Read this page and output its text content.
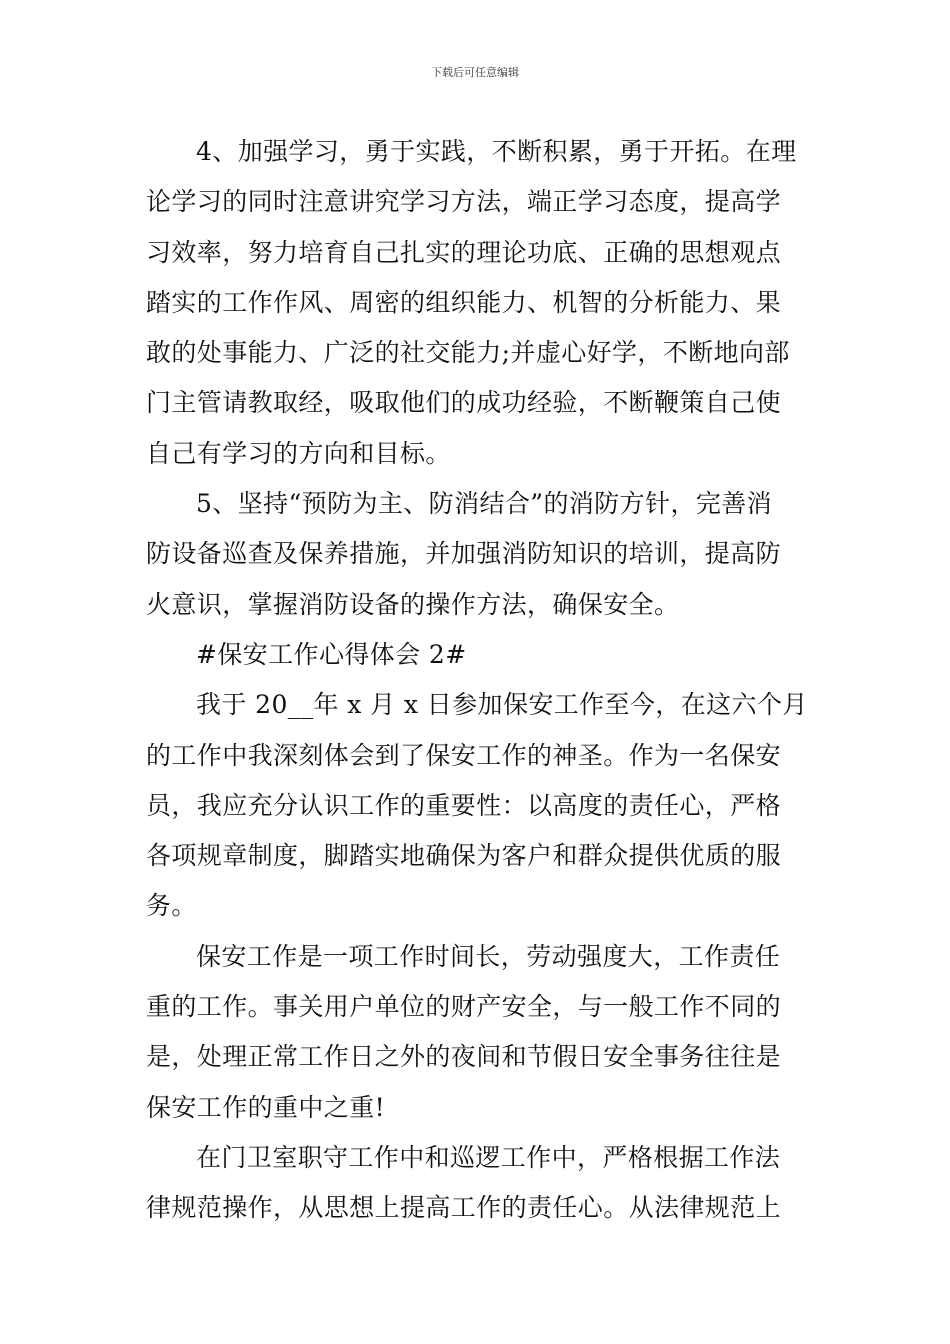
下载后可任意编辑
4、加强学习，勇于实践，不断积累，勇于开拓。在理
论学习的同时注意讲究学习方法，端正学习态度，提高学
习效率，努力培育自己扎实的理论功底、正确的思想观点
踏实的工作作风、周密的组织能力、机智的分析能力、果
敢的处事能力、广泛的社交能力;并虚心好学，不断地向部
门主管请教取经，吸取他们的成功经验，不断鞭策自己使
自己有学习的方向和目标。
5、坚持“预防为主、防消结合”的消防方针，完善消
防设备巡查及保养措施，并加强消防知识的培训，提高防
火意识，掌握消防设备的操作方法，确保安全。
#保安工作心得体会 2#
我于 20__年 x 月 x 日参加保安工作至今，在这六个月
的工作中我深刻体会到了保安工作的神圣。作为一名保安
员，我应充分认识工作的重要性：以高度的责任心，严格
各项规章制度，脚踏实地确保为客户和群众提供优质的服
务。
保安工作是一项工作时间长，劳动强度大，工作责任
重的工作。事关用户单位的财产安全，与一般工作不同的
是，处理正常工作日之外的夜间和节假日安全事务往往是
保安工作的重中之重!
在门卫室职守工作中和巡逻工作中，严格根据工作法
律规范操作，从思想上提高工作的责任心。从法律规范上
